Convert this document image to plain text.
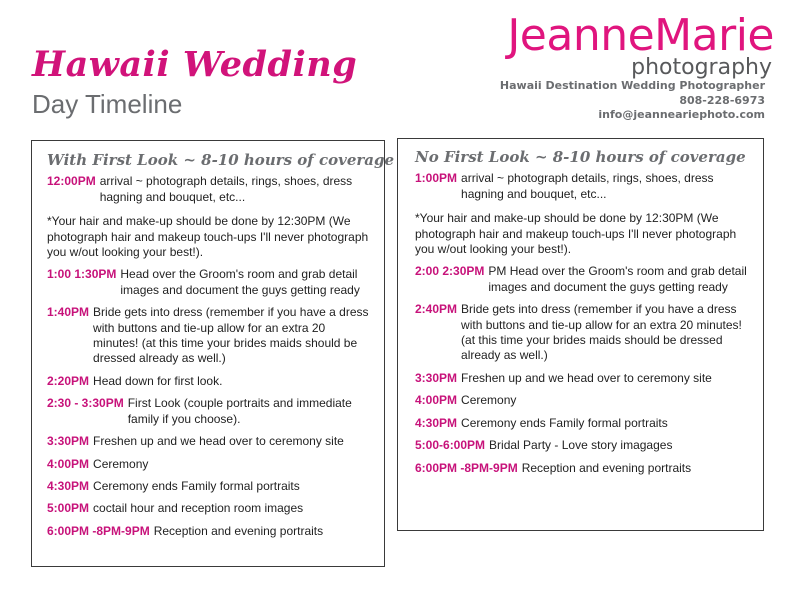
Hawaii Wedding
Day Timeline
JeanneMarie
photography
Hawaii Destination Wedding Photographer
808-228-6973
info@jeanneariephoto.com
With First Look ~ 8-10 hours of coverage
12:00PM arrival ~ photograph details, rings, shoes, dress hagning and bouquet, etc...
*Your hair and make-up should be done by 12:30PM (We photograph hair and makeup touch-ups I'll never photograph you w/out looking your best!).
1:00 1:30PM Head over the Groom's room and grab detail images and document the guys getting ready
1:40PM Bride gets into dress (remember if you have a dress with buttons and tie-up allow for an extra 20 minutes! (at this time your brides maids should be dressed already as well.)
2:20PM Head down for first look.
2:30 - 3:30PM First Look (couple portraits and immediate family if you choose).
3:30PM Freshen up and we head over to ceremony site
4:00PM Ceremony
4:30PM Ceremony ends Family formal portraits
5:00PM coctail hour and reception room images
6:00PM -8PM-9PM Reception and evening portraits
No First Look ~ 8-10 hours of coverage
1:00PM arrival ~ photograph details, rings, shoes, dress hagning and bouquet, etc...
*Your hair and make-up should be done by 12:30PM (We photograph hair and makeup touch-ups I'll never photograph you w/out looking your best!).
2:00 2:30PM PM Head over the Groom's room and grab detail images and document the guys getting ready
2:40PM Bride gets into dress (remember if you have a dress with buttons and tie-up allow for an extra 20 minutes! (at this time your brides maids should be dressed already as well.)
3:30PM Freshen up and we head over to ceremony site
4:00PM Ceremony
4:30PM Ceremony ends Family formal portraits
5:00-6:00PM Bridal Party - Love story imagages
6:00PM -8PM-9PM Reception and evening portraits
